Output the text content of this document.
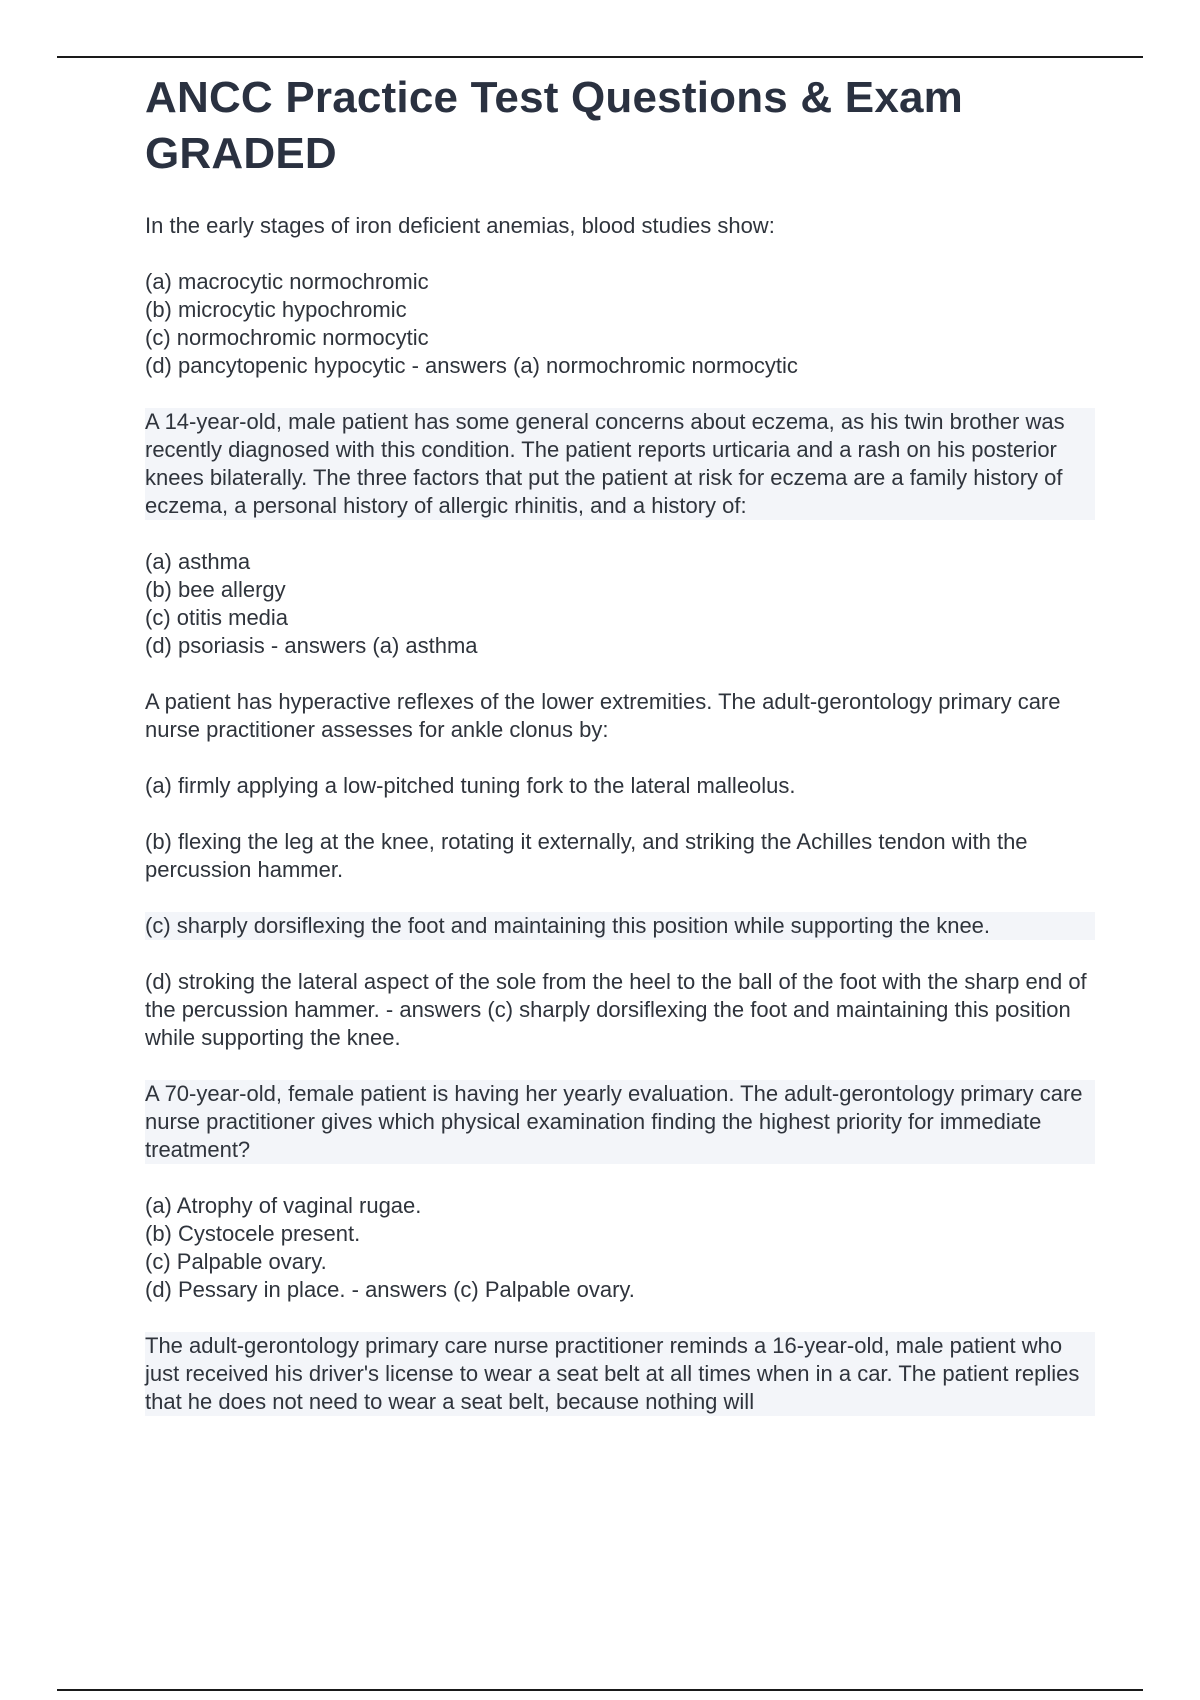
ANCC Practice Test Questions & Exam
GRADED

In the early stages of iron deficient anemias, blood studies show:

(a) macrocytic normochromic

(b) microcytic hypochromic

(c) normochromic normocytic

(d) pancytopenic hypocytic - answers (a) normochromic normocytic

A 14-year-old, male patient has some general concerns about eczema, as his twin brother was recently diagnosed with this condition. The patient reports urticaria and a rash on his posterior knees bilaterally. The three factors that put the patient at risk for eczema are a family history of eczema, a personal history of allergic rhinitis, and a history of:

(a) asthma

(b) bee allergy

(c) otitis media

(d) psoriasis - answers (a) asthma

A patient has hyperactive reflexes of the lower extremities. The adult-gerontology primary care nurse practitioner assesses for ankle clonus by:

(a) firmly applying a low-pitched tuning fork to the lateral malleolus.

(b) flexing the leg at the knee, rotating it externally, and striking the Achilles tendon with the percussion hammer.

(c) sharply dorsiflexing the foot and maintaining this position while supporting the knee.

(d) stroking the lateral aspect of the sole from the heel to the ball of the foot with the sharp end of the percussion hammer. - answers (c) sharply dorsiflexing the foot and maintaining this position while supporting the knee.

A 70-year-old, female patient is having her yearly evaluation. The adult-gerontology primary care nurse practitioner gives which physical examination finding the highest priority for immediate treatment?

(a) Atrophy of vaginal rugae.

(b) Cystocele present.

(c) Palpable ovary.

(d) Pessary in place. - answers (c) Palpable ovary.

The adult-gerontology primary care nurse practitioner reminds a 16-year-old, male patient who just received his driver's license to wear a seat belt at all times when in a car. The patient replies that he does not need to wear a seat belt, because nothing will
